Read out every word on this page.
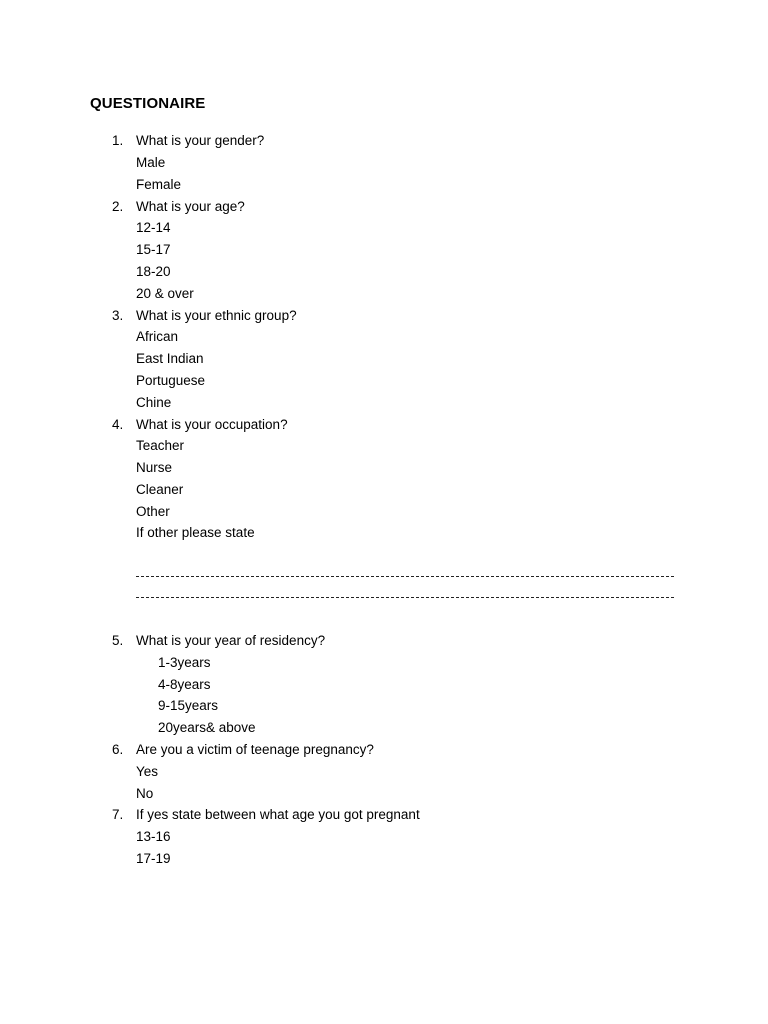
QUESTIONAIRE
1. What is your gender?
Male
Female
2. What is your age?
12-14
15-17
18-20
20 & over
3. What is your ethnic group?
African
East Indian
Portuguese
Chine
4. What is your occupation?
Teacher
Nurse
Cleaner
Other
If other please state
5. What is your year of residency?
1-3years
4-8years
9-15years
20years& above
6. Are you a victim of teenage pregnancy?
Yes
No
7. If yes state between what age you got pregnant
13-16
17-19
